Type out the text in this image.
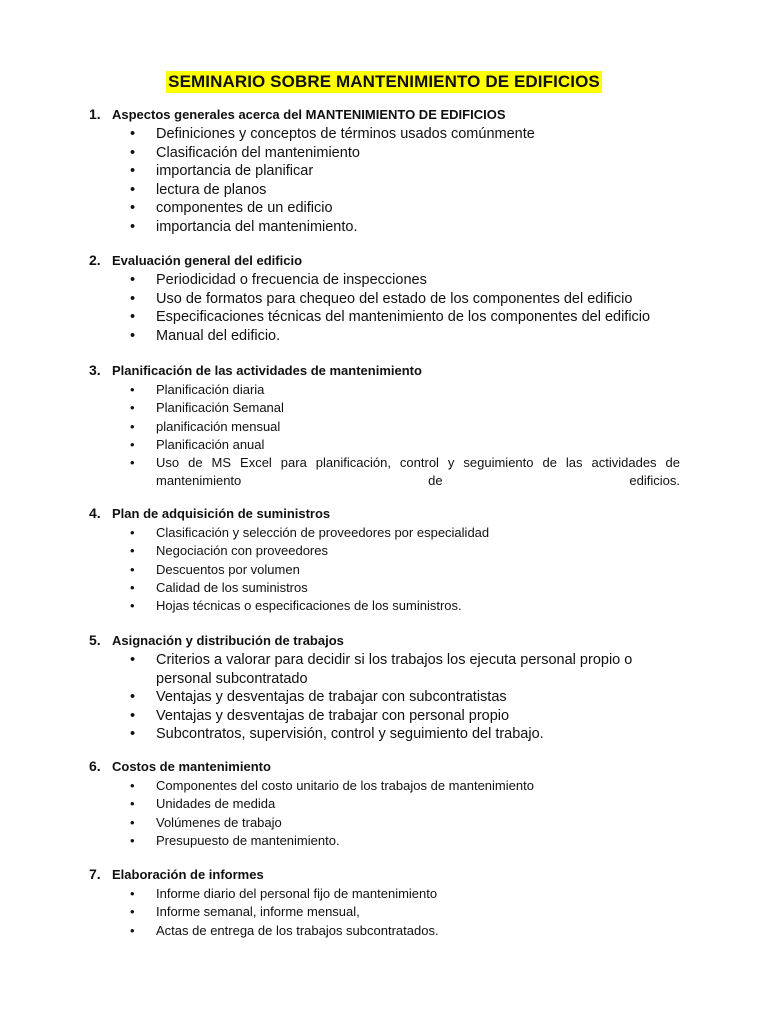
SEMINARIO SOBRE MANTENIMIENTO DE EDIFICIOS
1. Aspectos generales acerca del MANTENIMIENTO DE EDIFICIOS
• Definiciones y conceptos de términos usados comúnmente
• Clasificación del mantenimiento
• importancia de planificar
• lectura de planos
• componentes de un edificio
• importancia del mantenimiento.
2. Evaluación general del edificio
• Periodicidad o frecuencia de inspecciones
• Uso de formatos para chequeo del estado de los componentes del edificio
• Especificaciones técnicas del mantenimiento de los componentes del edificio
• Manual del edificio.
3. Planificación de las actividades de mantenimiento
• Planificación diaria
• Planificación Semanal
• planificación mensual
• Planificación anual
• Uso de MS Excel para planificación, control y seguimiento de las actividades de mantenimiento de edificios.
4. Plan de adquisición de suministros
• Clasificación y selección de proveedores por especialidad
• Negociación con proveedores
• Descuentos por volumen
• Calidad de los suministros
• Hojas técnicas o especificaciones de los suministros.
5. Asignación y distribución de trabajos
• Criterios a valorar para decidir si los trabajos los ejecuta personal propio o personal subcontratado
• Ventajas y desventajas de trabajar con subcontratistas
• Ventajas y desventajas de trabajar con personal propio
• Subcontratos, supervisión, control y seguimiento del trabajo.
6. Costos de mantenimiento
• Componentes del costo unitario de los trabajos de mantenimiento
• Unidades de medida
• Volúmenes de trabajo
• Presupuesto de mantenimiento.
7. Elaboración de informes
• Informe diario del personal fijo de mantenimiento
• Informe semanal, informe mensual,
• Actas de entrega de los trabajos subcontratados.
